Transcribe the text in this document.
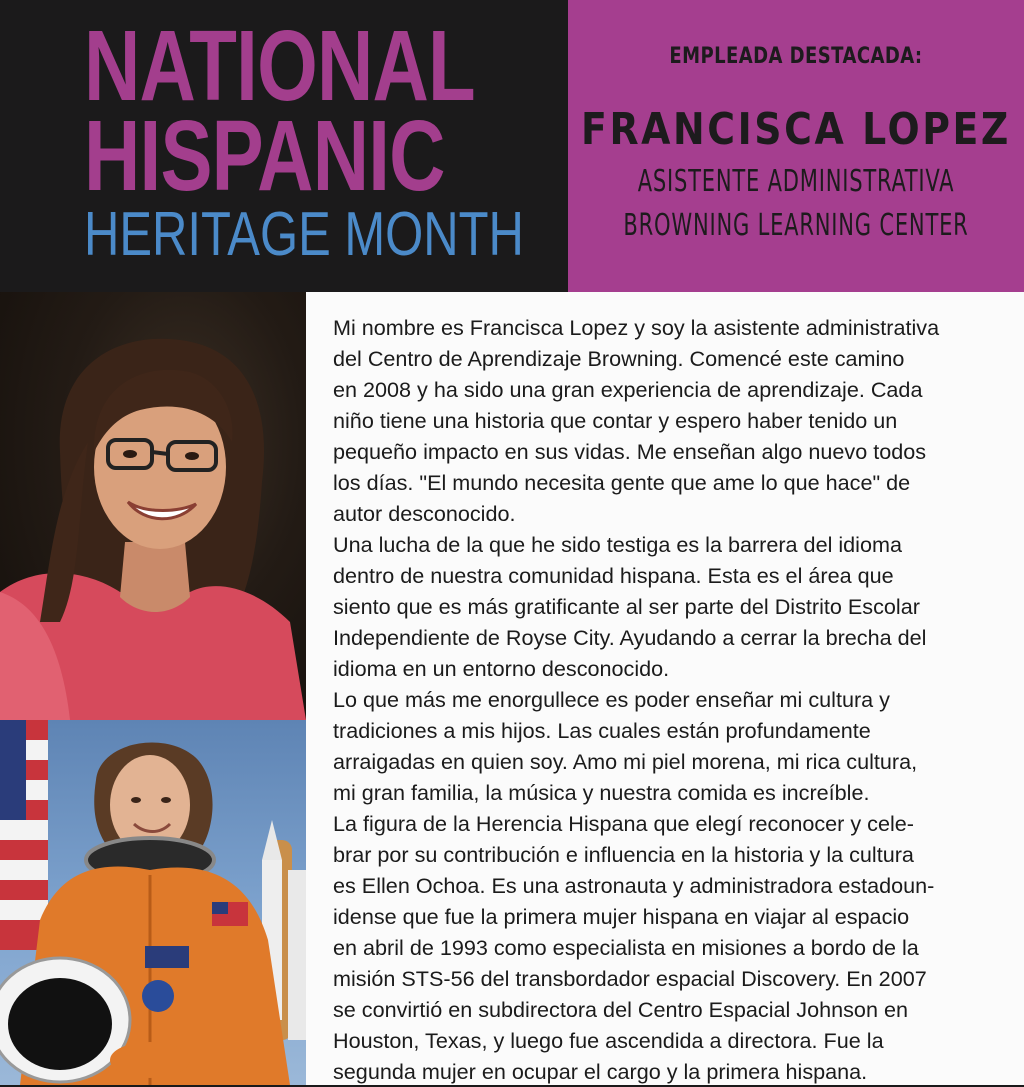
NATIONAL
HISPANIC
HERITAGE MONTH
EMPLEADA DESTACADA:
FRANCISCA LOPEZ
ASISTENTE ADMINISTRATIVA
BROWNING LEARNING CENTER

Mi nombre es Francisca Lopez y soy la asistente administrativa
del Centro de Aprendizaje Browning. Comencé este camino
en 2008 y ha sido una gran experiencia de aprendizaje. Cada
niño tiene una historia que contar y espero haber tenido un
pequeño impacto en sus vidas. Me enseñan algo nuevo todos
los días. "El mundo necesita gente que ame lo que hace" de
autor desconocido.

Una lucha de la que he sido testiga es la barrera del idioma
dentro de nuestra comunidad hispana. Esta es el área que
siento que es más gratificante al ser parte del Distrito Escolar
Independiente de Royse City. Ayudando a cerrar la brecha del
idioma en un entorno desconocido.

Lo que más me enorgullece es poder enseñar mi cultura y
tradiciones a mis hijos. Las cuales están profundamente
arraigadas en quien soy. Amo mi piel morena, mi rica cultura,
mi gran familia, la música y nuestra comida es increíble.

La figura de la Herencia Hispana que elegí reconocer y cele-
brar por su contribución e influencia en la historia y la cultura
es Ellen Ochoa. Es una astronauta y administradora estadoun-
idense que fue la primera mujer hispana en viajar al espacio
en abril de 1993 como especialista en misiones a bordo de la
misión STS-56 del transbordador espacial Discovery. En 2007
se convirtió en subdirectora del Centro Espacial Johnson en
Houston, Texas, y luego fue ascendida a directora. Fue la
segunda mujer en ocupar el cargo y la primera hispana.
